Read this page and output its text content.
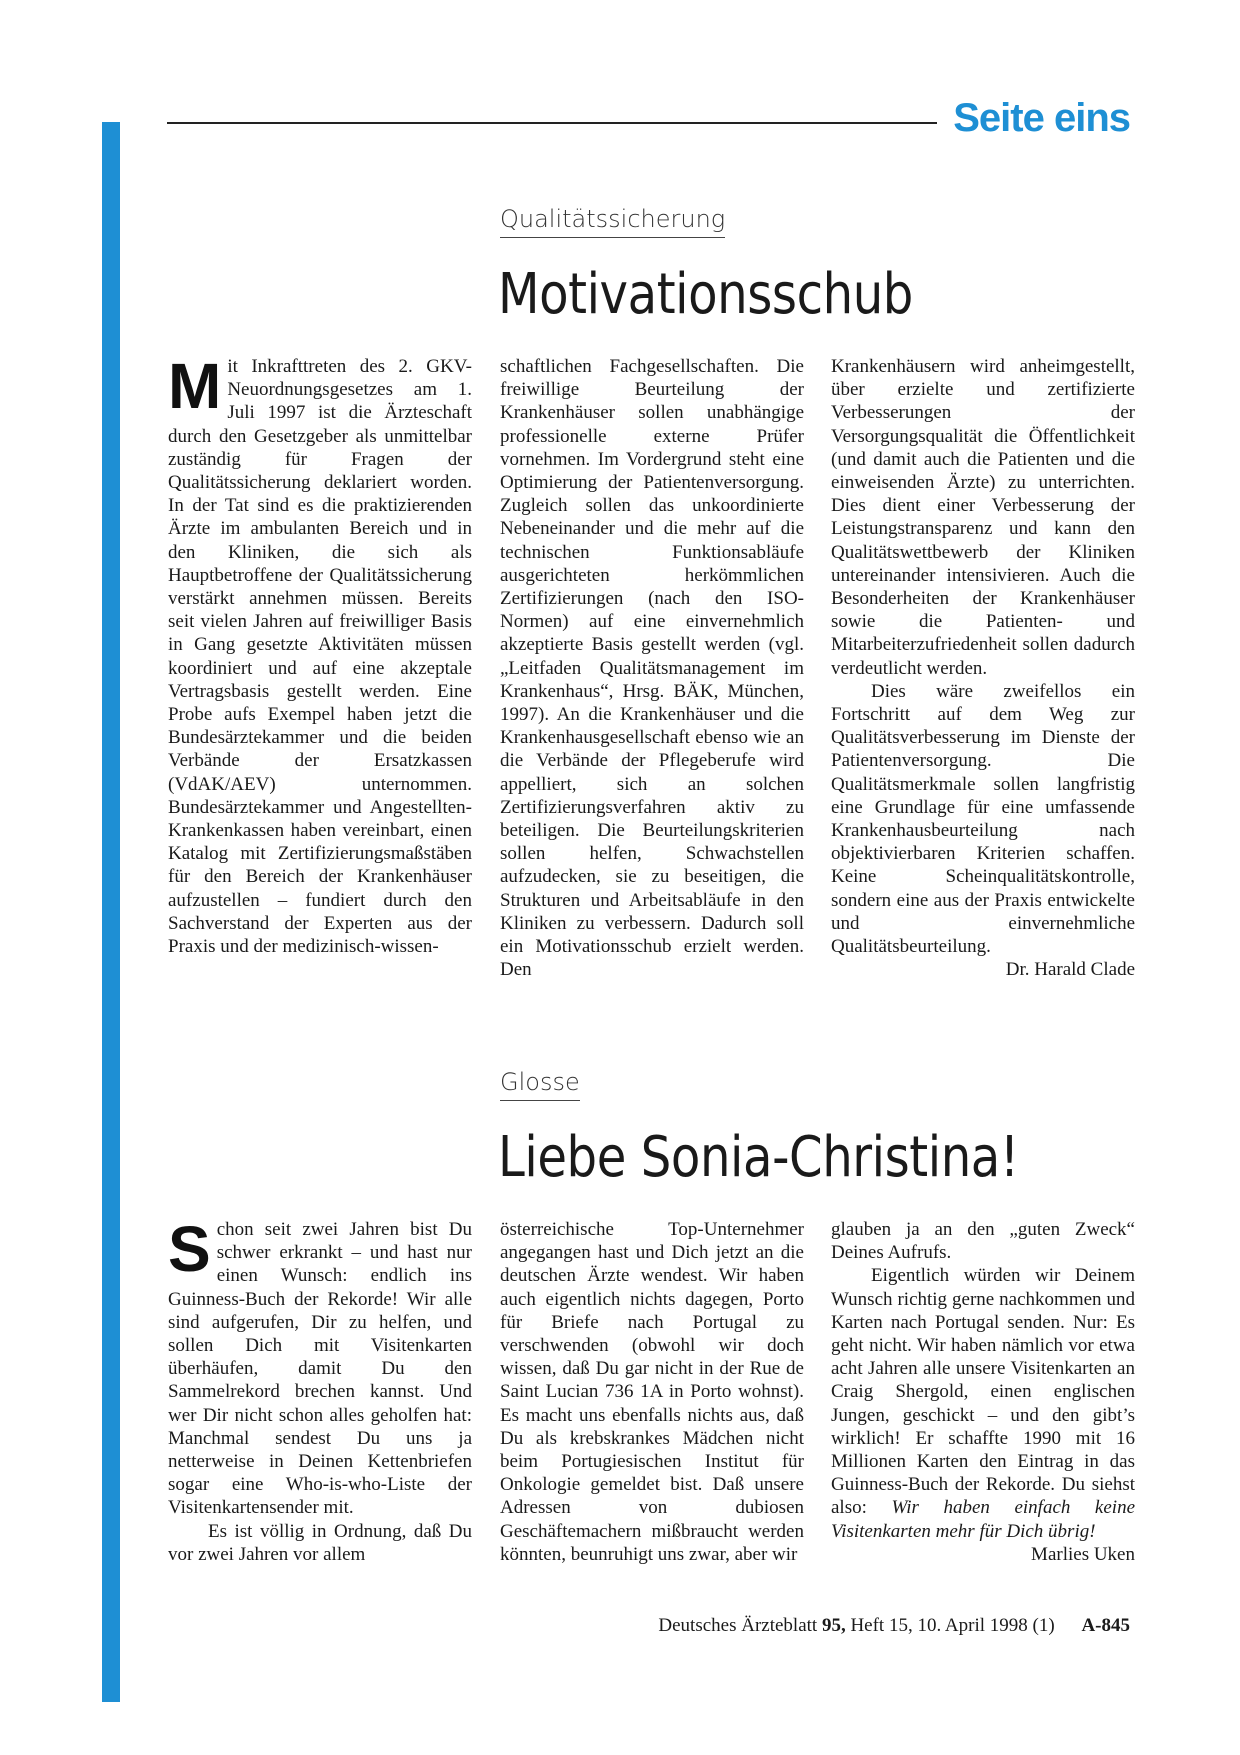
Seite eins
Qualitätssicherung
Motivationsschub

Mit Inkrafttreten des 2. GKV-Neuordnungsgesetzes am 1. Juli 1997 ist die Ärzteschaft durch den Gesetzgeber als unmittelbar zuständig für Fragen der Qualitätssicherung deklariert worden. In der Tat sind es die praktizierenden Ärzte im ambulanten Bereich und in den Kliniken, die sich als Hauptbetroffene der Qualitätssicherung verstärkt annehmen müssen. Bereits seit vielen Jahren auf freiwilliger Basis in Gang gesetzte Aktivitäten müssen koordiniert und auf eine akzeptale Vertragsbasis gestellt werden. Eine Probe aufs Exempel haben jetzt die Bundesärztekammer und die beiden Verbände der Ersatzkassen (VdAK/AEV) unternommen. Bundesärztekammer und Angestellten-Krankenkassen haben vereinbart, einen Katalog mit Zertifizierungsmaßstäben für den Bereich der Krankenhäuser aufzustellen – fundiert durch den Sachverstand der Experten aus der Praxis und der medizinisch-wissen-

schaftlichen Fachgesellschaften. Die freiwillige Beurteilung der Krankenhäuser sollen unabhängige professionelle externe Prüfer vornehmen. Im Vordergrund steht eine Optimierung der Patientenversorgung. Zugleich sollen das unkoordinierte Nebeneinander und die mehr auf die technischen Funktionsabläufe ausgerichteten herkömmlichen Zertifizierungen (nach den ISO-Normen) auf eine einvernehmlich akzeptierte Basis gestellt werden (vgl. „Leitfaden Qualitätsmanagement im Krankenhaus“, Hrsg. BÄK, München, 1997). An die Krankenhäuser und die Krankenhausgesellschaft ebenso wie an die Verbände der Pflegeberufe wird appelliert, sich an solchen Zertifizierungsverfahren aktiv zu beteiligen. Die Beurteilungskriterien sollen helfen, Schwachstellen aufzudecken, sie zu beseitigen, die Strukturen und Arbeitsabläufe in den Kliniken zu verbessern. Dadurch soll ein Motivationsschub erzielt werden. Den

Krankenhäusern wird anheimgestellt, über erzielte und zertifizierte Verbesserungen der Versorgungsqualität die Öffentlichkeit (und damit auch die Patienten und die einweisenden Ärzte) zu unterrichten. Dies dient einer Verbesserung der Leistungstransparenz und kann den Qualitätswettbewerb der Kliniken untereinander intensivieren. Auch die Besonderheiten der Krankenhäuser sowie die Patienten- und Mitarbeiterzufriedenheit sollen dadurch verdeutlicht werden.

Dies wäre zweifellos ein Fortschritt auf dem Weg zur Qualitätsverbesserung im Dienste der Patientenversorgung. Die Qualitätsmerkmale sollen langfristig eine Grundlage für eine umfassende Krankenhausbeurteilung nach objektivierbaren Kriterien schaffen. Keine Scheinqualitätskontrolle, sondern eine aus der Praxis entwickelte und einvernehmliche Qualitätsbeurteilung.
Dr. Harald Clade

Glosse
Liebe Sonia-Christina!

Schon seit zwei Jahren bist Du schwer erkrankt – und hast nur einen Wunsch: endlich ins Guinness-Buch der Rekorde! Wir alle sind aufgerufen, Dir zu helfen, und sollen Dich mit Visitenkarten überhäufen, damit Du den Sammelrekord brechen kannst. Und wer Dir nicht schon alles geholfen hat: Manchmal sendest Du uns ja netterweise in Deinen Kettenbriefen sogar eine Who-is-who-Liste der Visitenkartensender mit.

Es ist völlig in Ordnung, daß Du vor zwei Jahren vor allem

österreichische Top-Unternehmer angegangen hast und Dich jetzt an die deutschen Ärzte wendest. Wir haben auch eigentlich nichts dagegen, Porto für Briefe nach Portugal zu verschwenden (obwohl wir doch wissen, daß Du gar nicht in der Rue de Saint Lucian 736 1A in Porto wohnst). Es macht uns ebenfalls nichts aus, daß Du als krebskrankes Mädchen nicht beim Portugiesischen Institut für Onkologie gemeldet bist. Daß unsere Adressen von dubiosen Geschäftemachern mißbraucht werden könnten, beunruhigt uns zwar, aber wir

glauben ja an den „guten Zweck“ Deines Aufrufs.

Eigentlich würden wir Deinem Wunsch richtig gerne nachkommen und Karten nach Portugal senden. Nur: Es geht nicht. Wir haben nämlich vor etwa acht Jahren alle unsere Visitenkarten an Craig Shergold, einen englischen Jungen, geschickt – und den gibt’s wirklich! Er schaffte 1990 mit 16 Millionen Karten den Eintrag in das Guinness-Buch der Rekorde. Du siehst also: Wir haben einfach keine Visitenkarten mehr für Dich übrig!
Marlies Uken

Deutsches Ärzteblatt 95, Heft 15, 10. April 1998 (1) A-845
